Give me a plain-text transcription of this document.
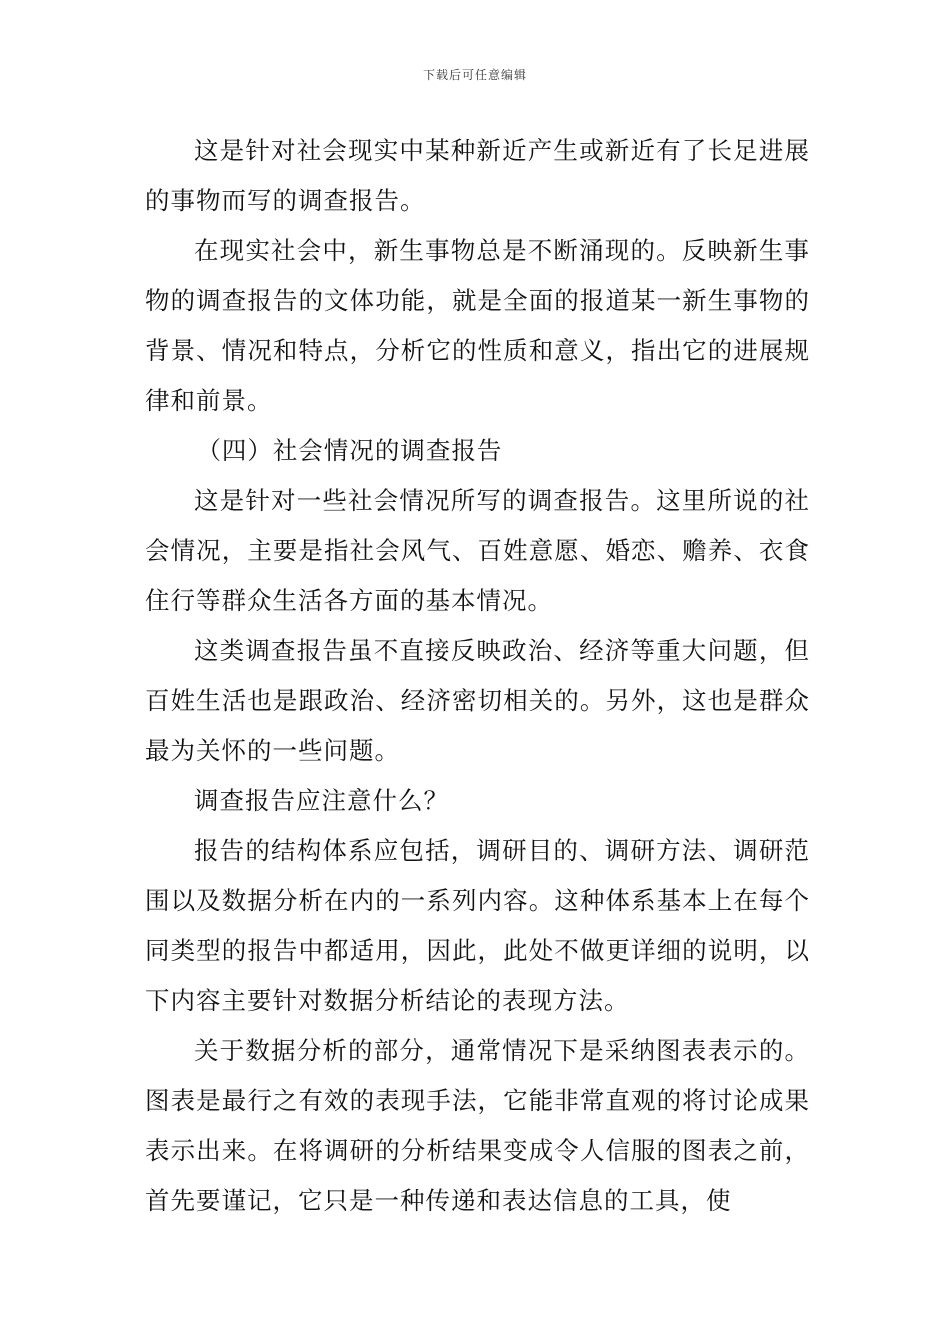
下载后可任意编辑

这是针对社会现实中某种新近产生或新近有了长足进展的事物而写的调查报告。

在现实社会中，新生事物总是不断涌现的。反映新生事物的调查报告的文体功能，就是全面的报道某一新生事物的背景、情况和特点，分析它的性质和意义，指出它的进展规律和前景。

（四）社会情况的调查报告

这是针对一些社会情况所写的调查报告。这里所说的社会情况，主要是指社会风气、百姓意愿、婚恋、赡养、衣食住行等群众生活各方面的基本情况。

这类调查报告虽不直接反映政治、经济等重大问题，但百姓生活也是跟政治、经济密切相关的。另外，这也是群众最为关怀的一些问题。

调查报告应注意什么？

报告的结构体系应包括，调研目的、调研方法、调研范围以及数据分析在内的一系列内容。这种体系基本上在每个同类型的报告中都适用，因此，此处不做更详细的说明，以下内容主要针对数据分析结论的表现方法。

关于数据分析的部分，通常情况下是采纳图表表示的。图表是最行之有效的表现手法，它能非常直观的将讨论成果表示出来。在将调研的分析结果变成令人信服的图表之前，首先要谨记，它只是一种传递和表达信息的工具，使
